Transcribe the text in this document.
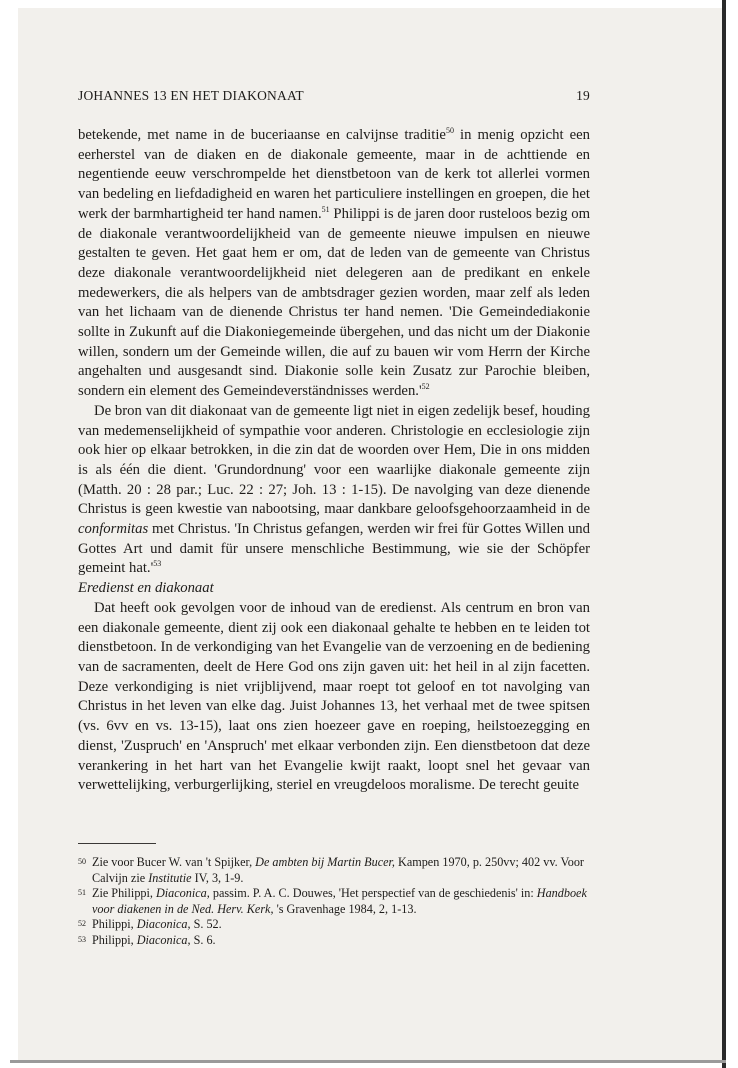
JOHANNES 13 EN HET DIAKONAAT	19

betekende, met name in de buceriaanse en calvijnse traditie$^{50}$ in menig opzicht een eerherstel van de diaken en de diakonale gemeente, maar in de achttiende en negentiende eeuw verschrompelde het dienstbetoon van de kerk tot allerlei vormen van bedeling en liefdadigheid en waren het particuliere instellingen en groepen, die het werk der barmhartigheid ter hand namen.$^{51}$ Philippi is de jaren door rusteloos bezig om de diakonale verantwoordelijkheid van de gemeente nieuwe impulsen en nieuwe gestalten te geven. Het gaat hem er om, dat de leden van de gemeente van Christus deze diakonale verantwoordelijkheid niet delegeren aan de predikant en enkele medewerkers, die als helpers van de ambtsdrager gezien worden, maar zelf als leden van het lichaam van de dienende Christus ter hand nemen. 'Die Gemeindediakonie sollte in Zukunft auf die Diakoniegemeinde übergehen, und das nicht um der Diakonie willen, sondern um der Gemeinde willen, die auf zu bauen wir vom Herrn der Kirche angehalten und ausgesandt sind. Diakonie solle kein Zusatz zur Parochie bleiben, sondern ein element des Gemeindeverständnisses $werden.'^{52}$

De bron van dit diakonaat van de gemeente ligt niet in eigen zedelijk besef, houding van medemenselijkheid of sympathie voor anderen. Christologie en ecclesiologie zijn ook hier op elkaar betrokken, in die zin dat de woorden over Hem, Die in ons midden is als één die dient. 'Grundordnung' voor een waarlijke diakonale gemeente zijn (Matth. 20 : 28 par.; Luc. 22 : 27; Joh. 13 : 1-15). De navolging van deze dienende Christus is geen kwestie van nabootsing, maar dankbare geloofsgehoorzaamheid in de conformitas met Christus. 'In Christus gefangen, werden wir frei für Gottes Willen und Gottes Art und damit für unsere menschliche Bestimmung, wie sie der Schöpfer gemeint $hat.'^{53}$

Eredienst en diakonaat

Dat heeft ook gevolgen voor de inhoud van de eredienst. Als centrum en bron van een diakonale gemeente, dient zij ook een diakonaal gehalte te hebben en te leiden tot dienstbetoon. In de verkondiging van het Evangelie van de verzoening en de bediening van de sacramenten, deelt de Here God ons zijn gaven uit: het heil in al zijn facetten. Deze verkondiging is niet vrijblijvend, maar roept tot geloof en tot navolging van Christus in het leven van elke dag. Juist Johannes 13, het verhaal met de twee spitsen (vs. 6vv en vs. 13-15), laat ons zien hoezeer gave en roeping, heilstoezegging en dienst, 'Zuspruch' en 'Anspruch' met elkaar verbonden zijn. Een dienstbetoon dat deze verankering in het hart van het Evangelie kwijt raakt, loopt snel het gevaar van verwettelijking, verburgerlijking, steriel en vreugdeloos moralisme. De terecht geuite

50 Zie voor Bucer W. van 't Spijker, De ambten bij Martin Bucer, Kampen 1970, p. 250vv; 402 vv. Voor Calvijn zie Institutie IV, 3, 1-9.

51 Zie Philippi, Diaconica, passim. P. A. C. Douwes, 'Het perspectief van de geschiedenis' in: Handboek voor diakenen in de Ned. Herv. Kerk, 's Gravenhage 1984, 2, 1-13.

52 Philippi, Diaconica, S. 52.

53 Philippi, Diaconica, S. 6.
